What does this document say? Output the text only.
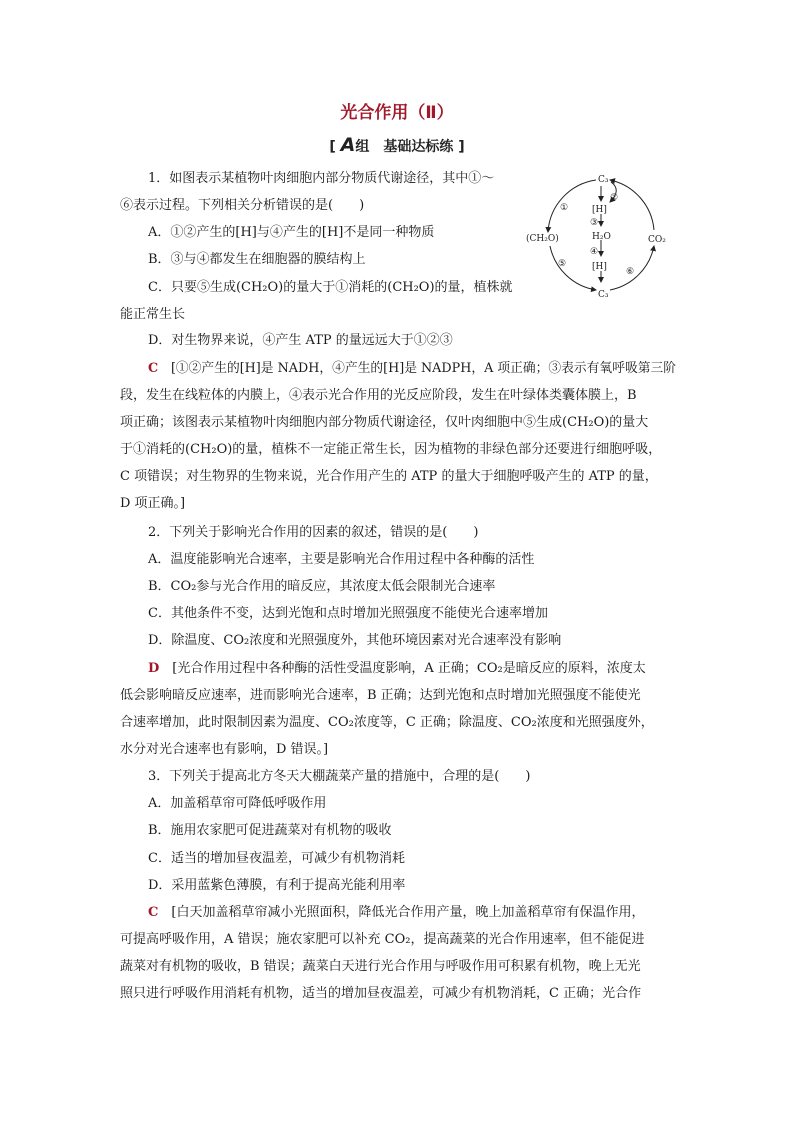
光合作用（Ⅱ）
[ A组　基础达标练 ]
1．如图表示某植物叶肉细胞内部分物质代谢途径，其中①～
⑥表示过程。下列相关分析错误的是(　　)
A．①②产生的[H]与④产生的[H]不是同一种物质
B．③与④都发生在细胞器的膜结构上
C．只要⑤生成(CH₂O)的量大于①消耗的(CH₂O)的量，植株就
能正常生长
D．对生物界来说，④产生 ATP 的量远远大于①②③
C　 [①②产生的[H]是 NADH，④产生的[H]是 NADPH，A 项正确；③表示有氧呼吸第三阶
段，发生在线粒体的内膜上，④表示光合作用的光反应阶段，发生在叶绿体类囊体膜上，B
项正确；该图表示某植物叶肉细胞内部分物质代谢途径，仅叶肉细胞中⑤生成(CH₂O)的量大
于①消耗的(CH₂O)的量，植株不一定能正常生长，因为植物的非绿色部分还要进行细胞呼吸，
C 项错误；对生物界的生物来说，光合作用产生的 ATP 的量大于细胞呼吸产生的 ATP 的量，
D 项正确。]
C₃
C₃
(CH₂O)	CO₂
[H]
H₂O
[H]
①
②
③
④
⑤
⑥
2．下列关于影响光合作用的因素的叙述，错误的是(　　)
A．温度能影响光合速率，主要是影响光合作用过程中各种酶的活性
B．CO₂参与光合作用的暗反应，其浓度太低会限制光合速率
C．其他条件不变，达到光饱和点时增加光照强度不能使光合速率增加
D．除温度、CO₂浓度和光照强度外，其他环境因素对光合速率没有影响
D　 [光合作用过程中各种酶的活性受温度影响，A 正确；CO₂是暗反应的原料，浓度太
低会影响暗反应速率，进而影响光合速率，B 正确；达到光饱和点时增加光照强度不能使光
合速率增加，此时限制因素为温度、CO₂浓度等，C 正确；除温度、CO₂浓度和光照强度外，
水分对光合速率也有影响，D 错误。]
3．下列关于提高北方冬天大棚蔬菜产量的措施中，合理的是(　　)
A．加盖稻草帘可降低呼吸作用
B．施用农家肥可促进蔬菜对有机物的吸收
C．适当的增加昼夜温差，可减少有机物消耗
D．采用蓝紫色薄膜，有利于提高光能利用率
C　 [白天加盖稻草帘减小光照面积，降低光合作用产量，晚上加盖稻草帘有保温作用，
可提高呼吸作用，A 错误；施农家肥可以补充 CO₂，提高蔬菜的光合作用速率，但不能促进
蔬菜对有机物的吸收，B 错误；蔬菜白天进行光合作用与呼吸作用可积累有机物，晚上无光
照只进行呼吸作用消耗有机物，适当的增加昼夜温差，可减少有机物消耗，C 正确；光合作
